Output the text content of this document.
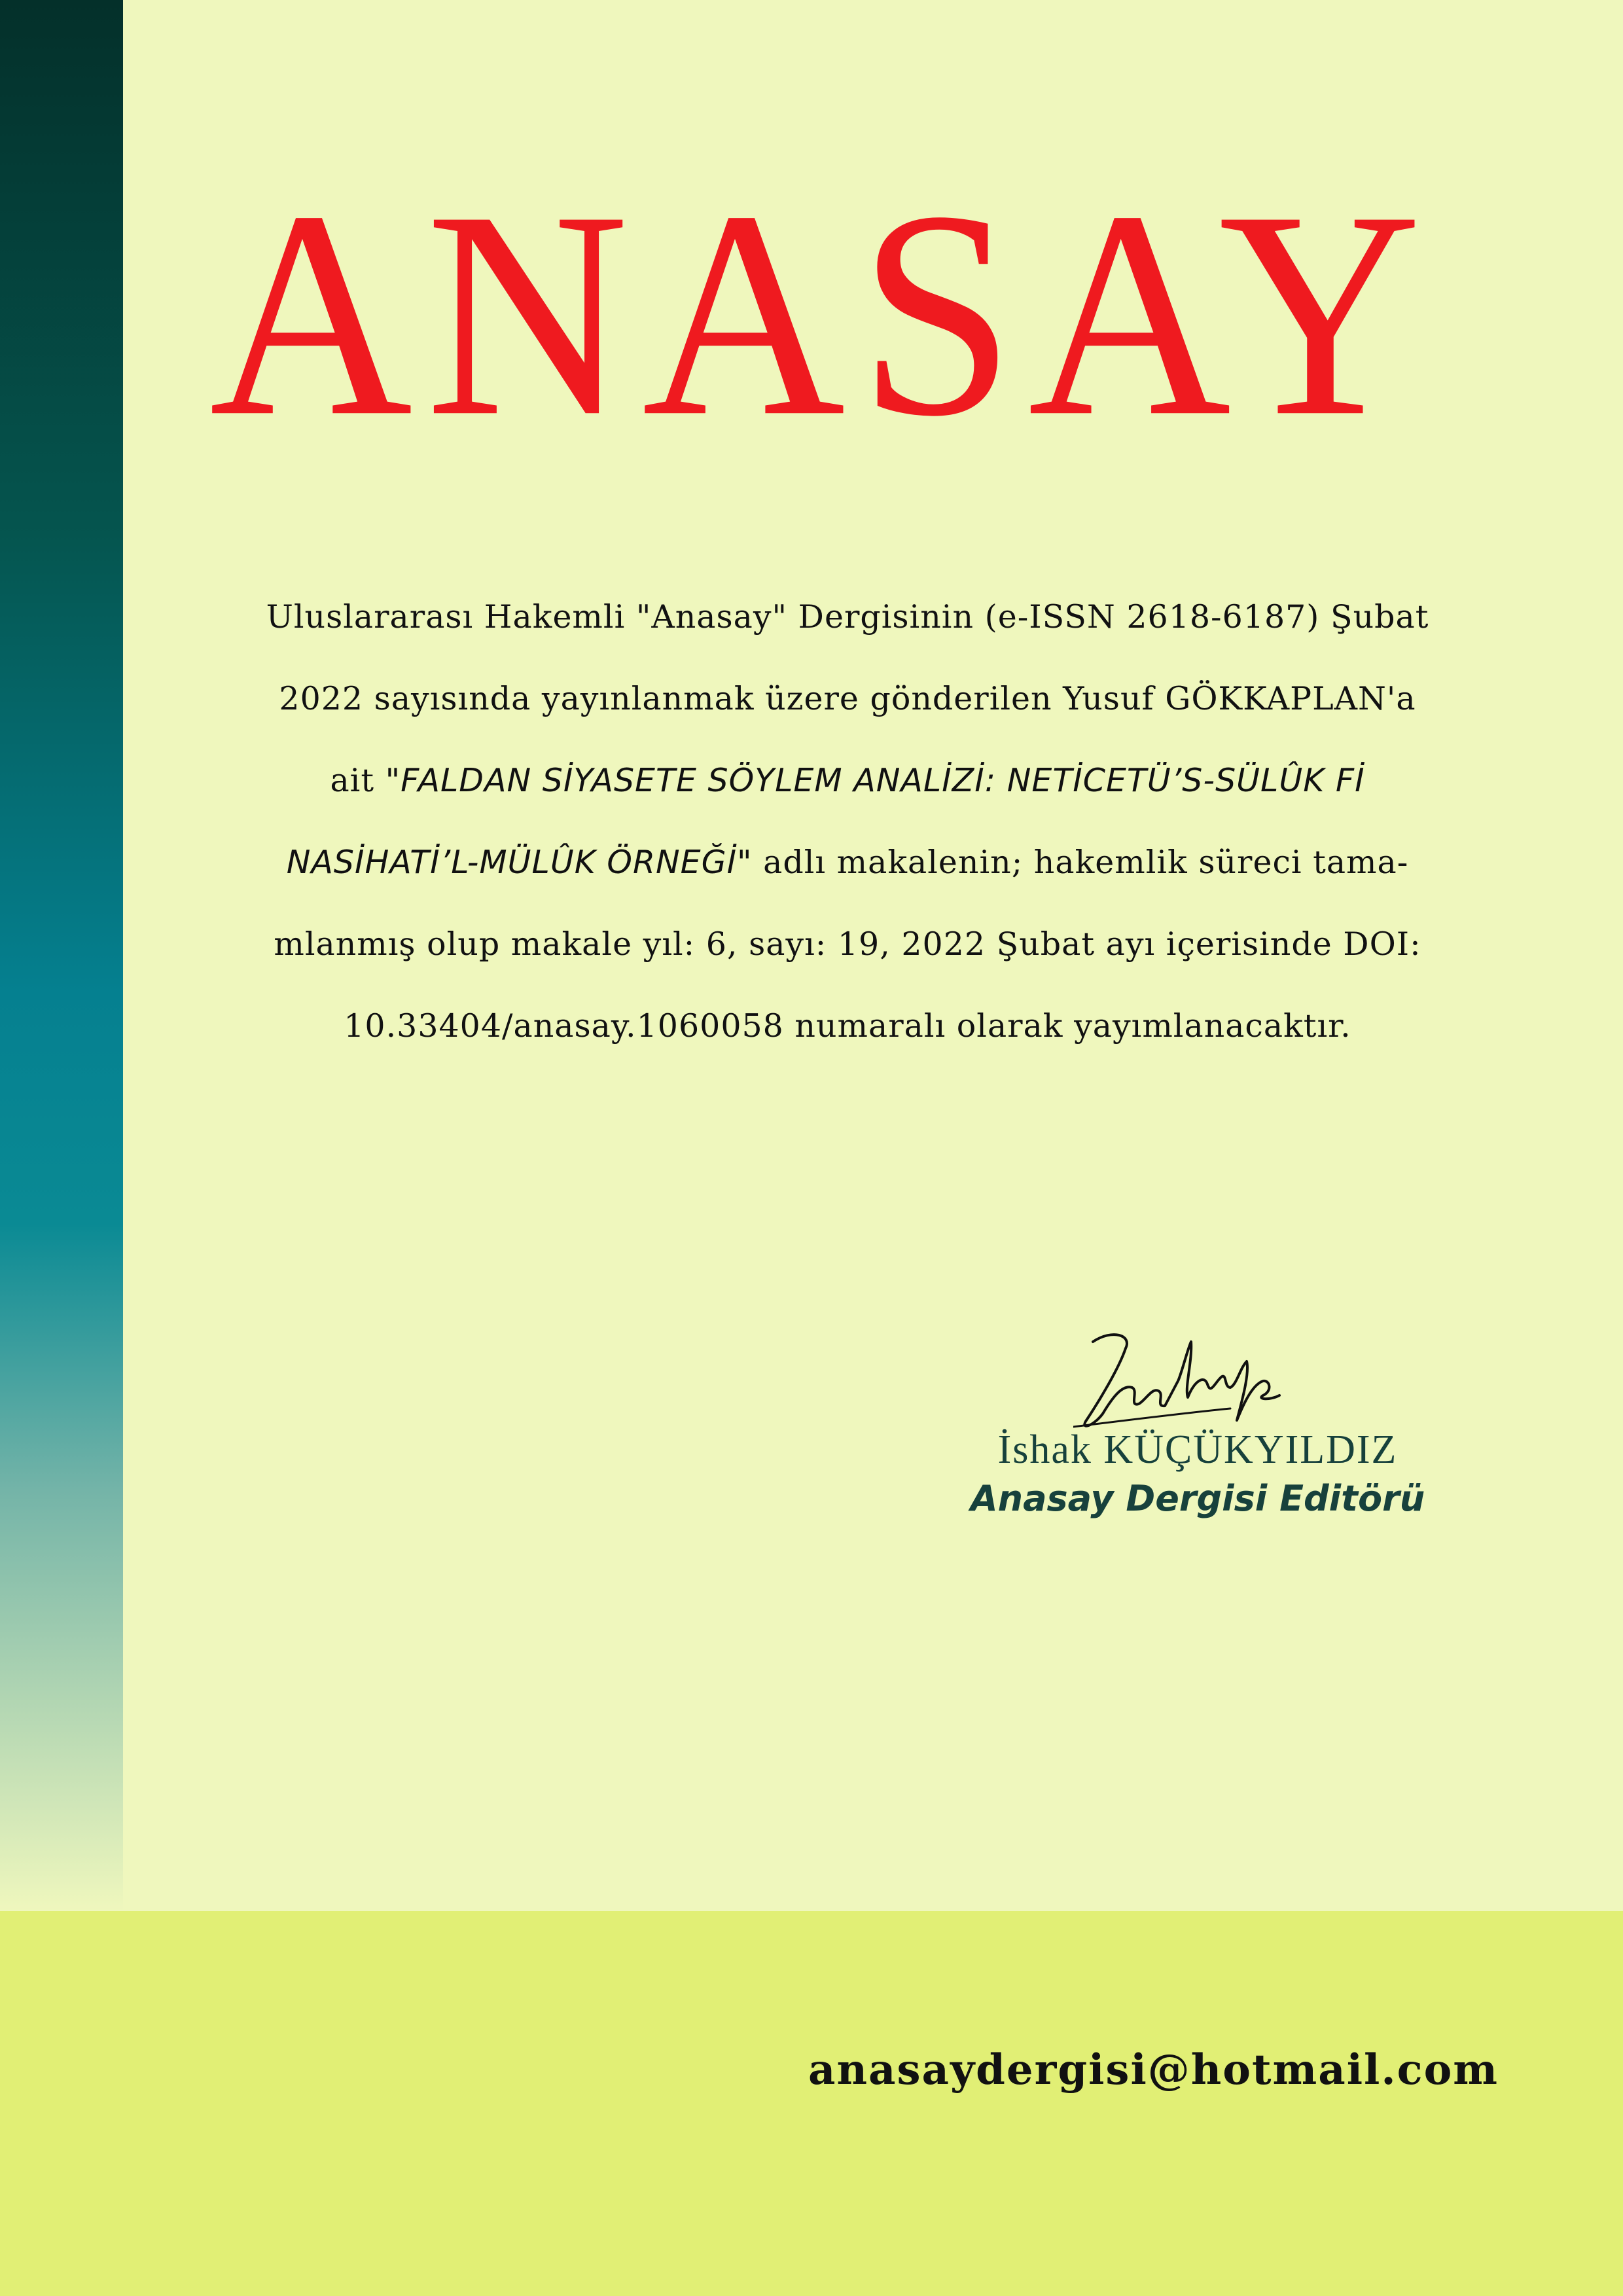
ANASAY
Uluslararası Hakemli "Anasay" Dergisinin (e-ISSN 2618-6187) Şubat
2022 sayısında yayınlanmak üzere gönderilen Yusuf GÖKKAPLAN'a
ait "FALDAN SİYASETE SÖYLEM ANALİZİ: NETİCETÜ’S-SÜLÛK Fİ
NASİHATİ’L-MÜLÛK ÖRNEĞİ" adlı makalenin; hakemlik süreci tama-
mlanmış olup makale yıl: 6, sayı: 19, 2022 Şubat ayı içerisinde DOI:
10.33404/anasay.1060058 numaralı olarak yayımlanacaktır.
İshak KÜÇÜKYILDIZ
Anasay Dergisi Editörü
anasaydergisi@hotmail.com
